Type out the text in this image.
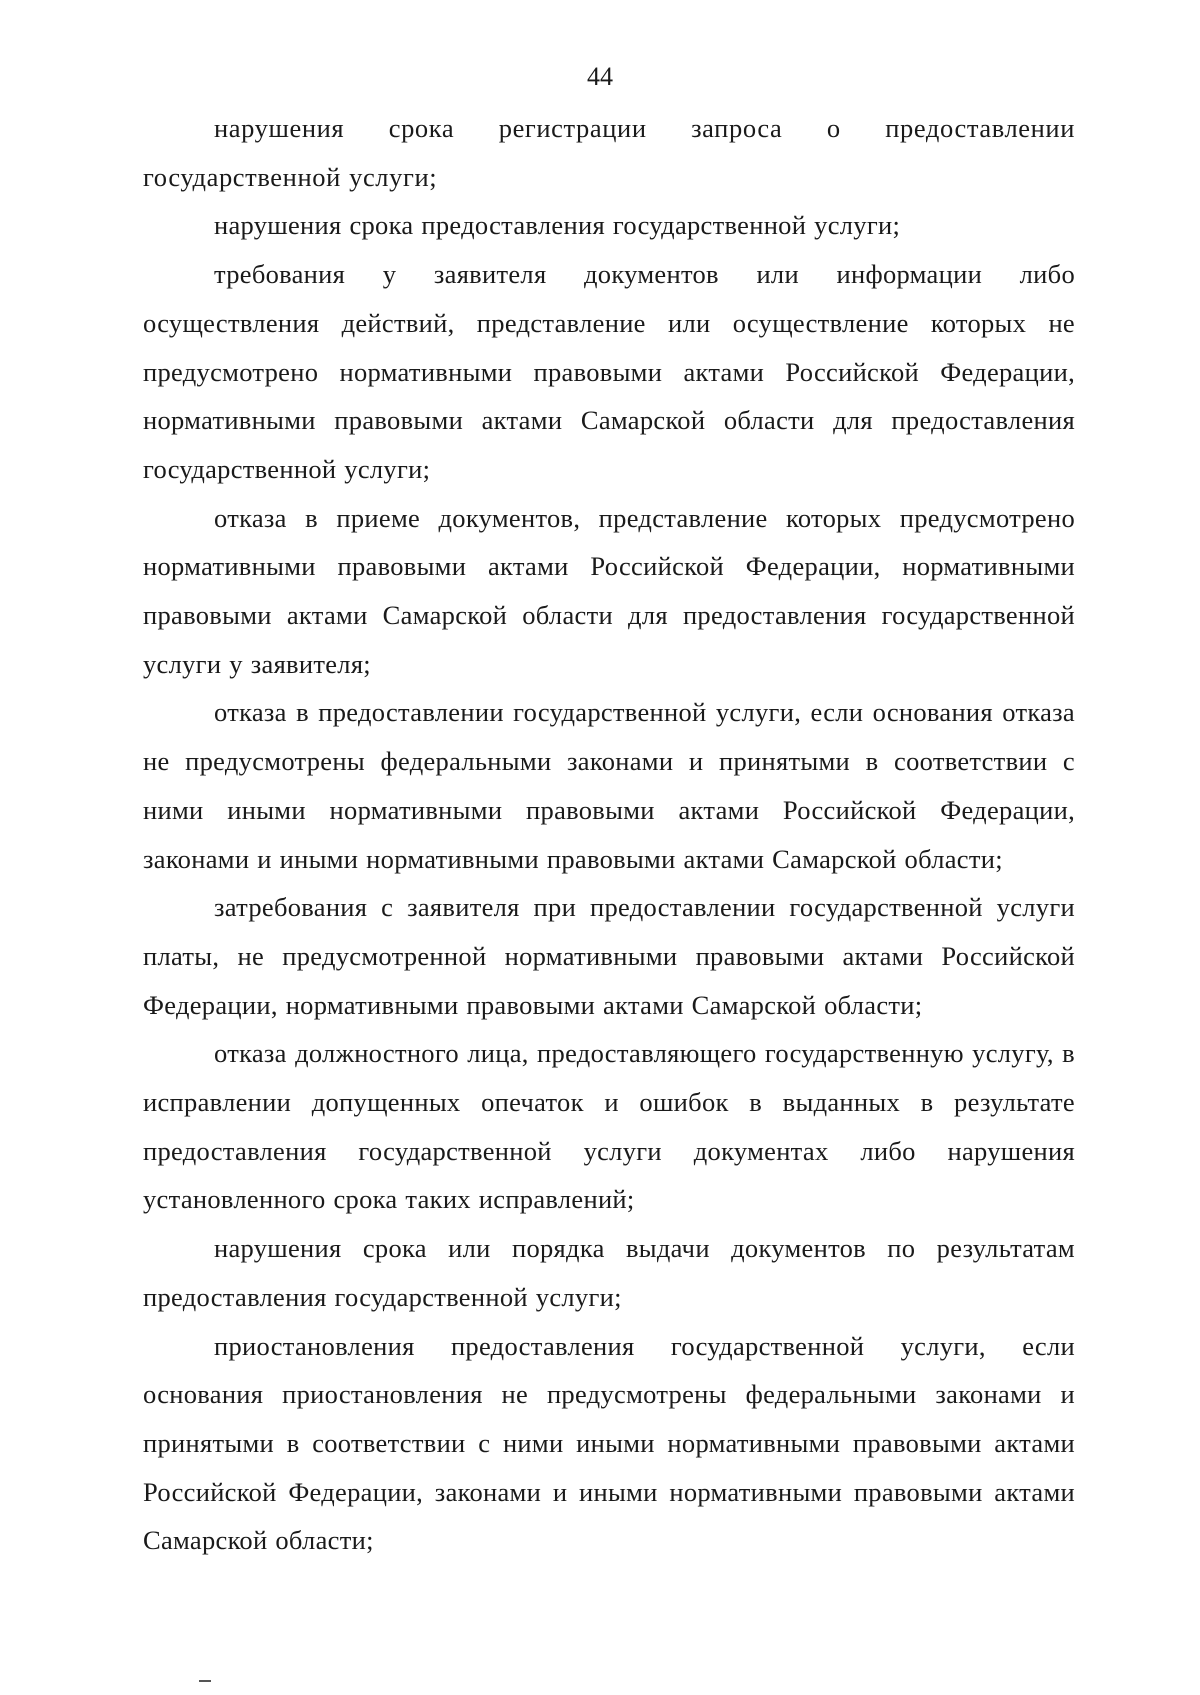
44

нарушения срока регистрации запроса о предоставлении государственной услуги;

нарушения срока предоставления государственной услуги;

требования у заявителя документов или информации либо осуществления действий, представление или осуществление которых не предусмотрено нормативными правовыми актами Российской Федерации, нормативными правовыми актами Самарской области для предоставления государственной услуги;

отказа в приеме документов, представление которых предусмотрено нормативными правовыми актами Российской Федерации, нормативными правовыми актами Самарской области для предоставления государственной услуги у заявителя;

отказа в предоставлении государственной услуги, если основания отказа не предусмотрены федеральными законами и принятыми в соответствии с ними иными нормативными правовыми актами Российской Федерации, законами и иными нормативными правовыми актами Самарской области;

затребования с заявителя при предоставлении государственной услуги платы, не предусмотренной нормативными правовыми актами Российской Федерации, нормативными правовыми актами Самарской области;

отказа должностного лица, предоставляющего государственную услугу, в исправлении допущенных опечаток и ошибок в выданных в результате предоставления государственной услуги документах либо нарушения установленного срока таких исправлений;

нарушения срока или порядка выдачи документов по результатам предоставления государственной услуги;

приостановления предоставления государственной услуги, если основания приостановления не предусмотрены федеральными законами и принятыми в соответствии с ними иными нормативными правовыми актами Российской Федерации, законами и иными нормативными правовыми актами Самарской области;
